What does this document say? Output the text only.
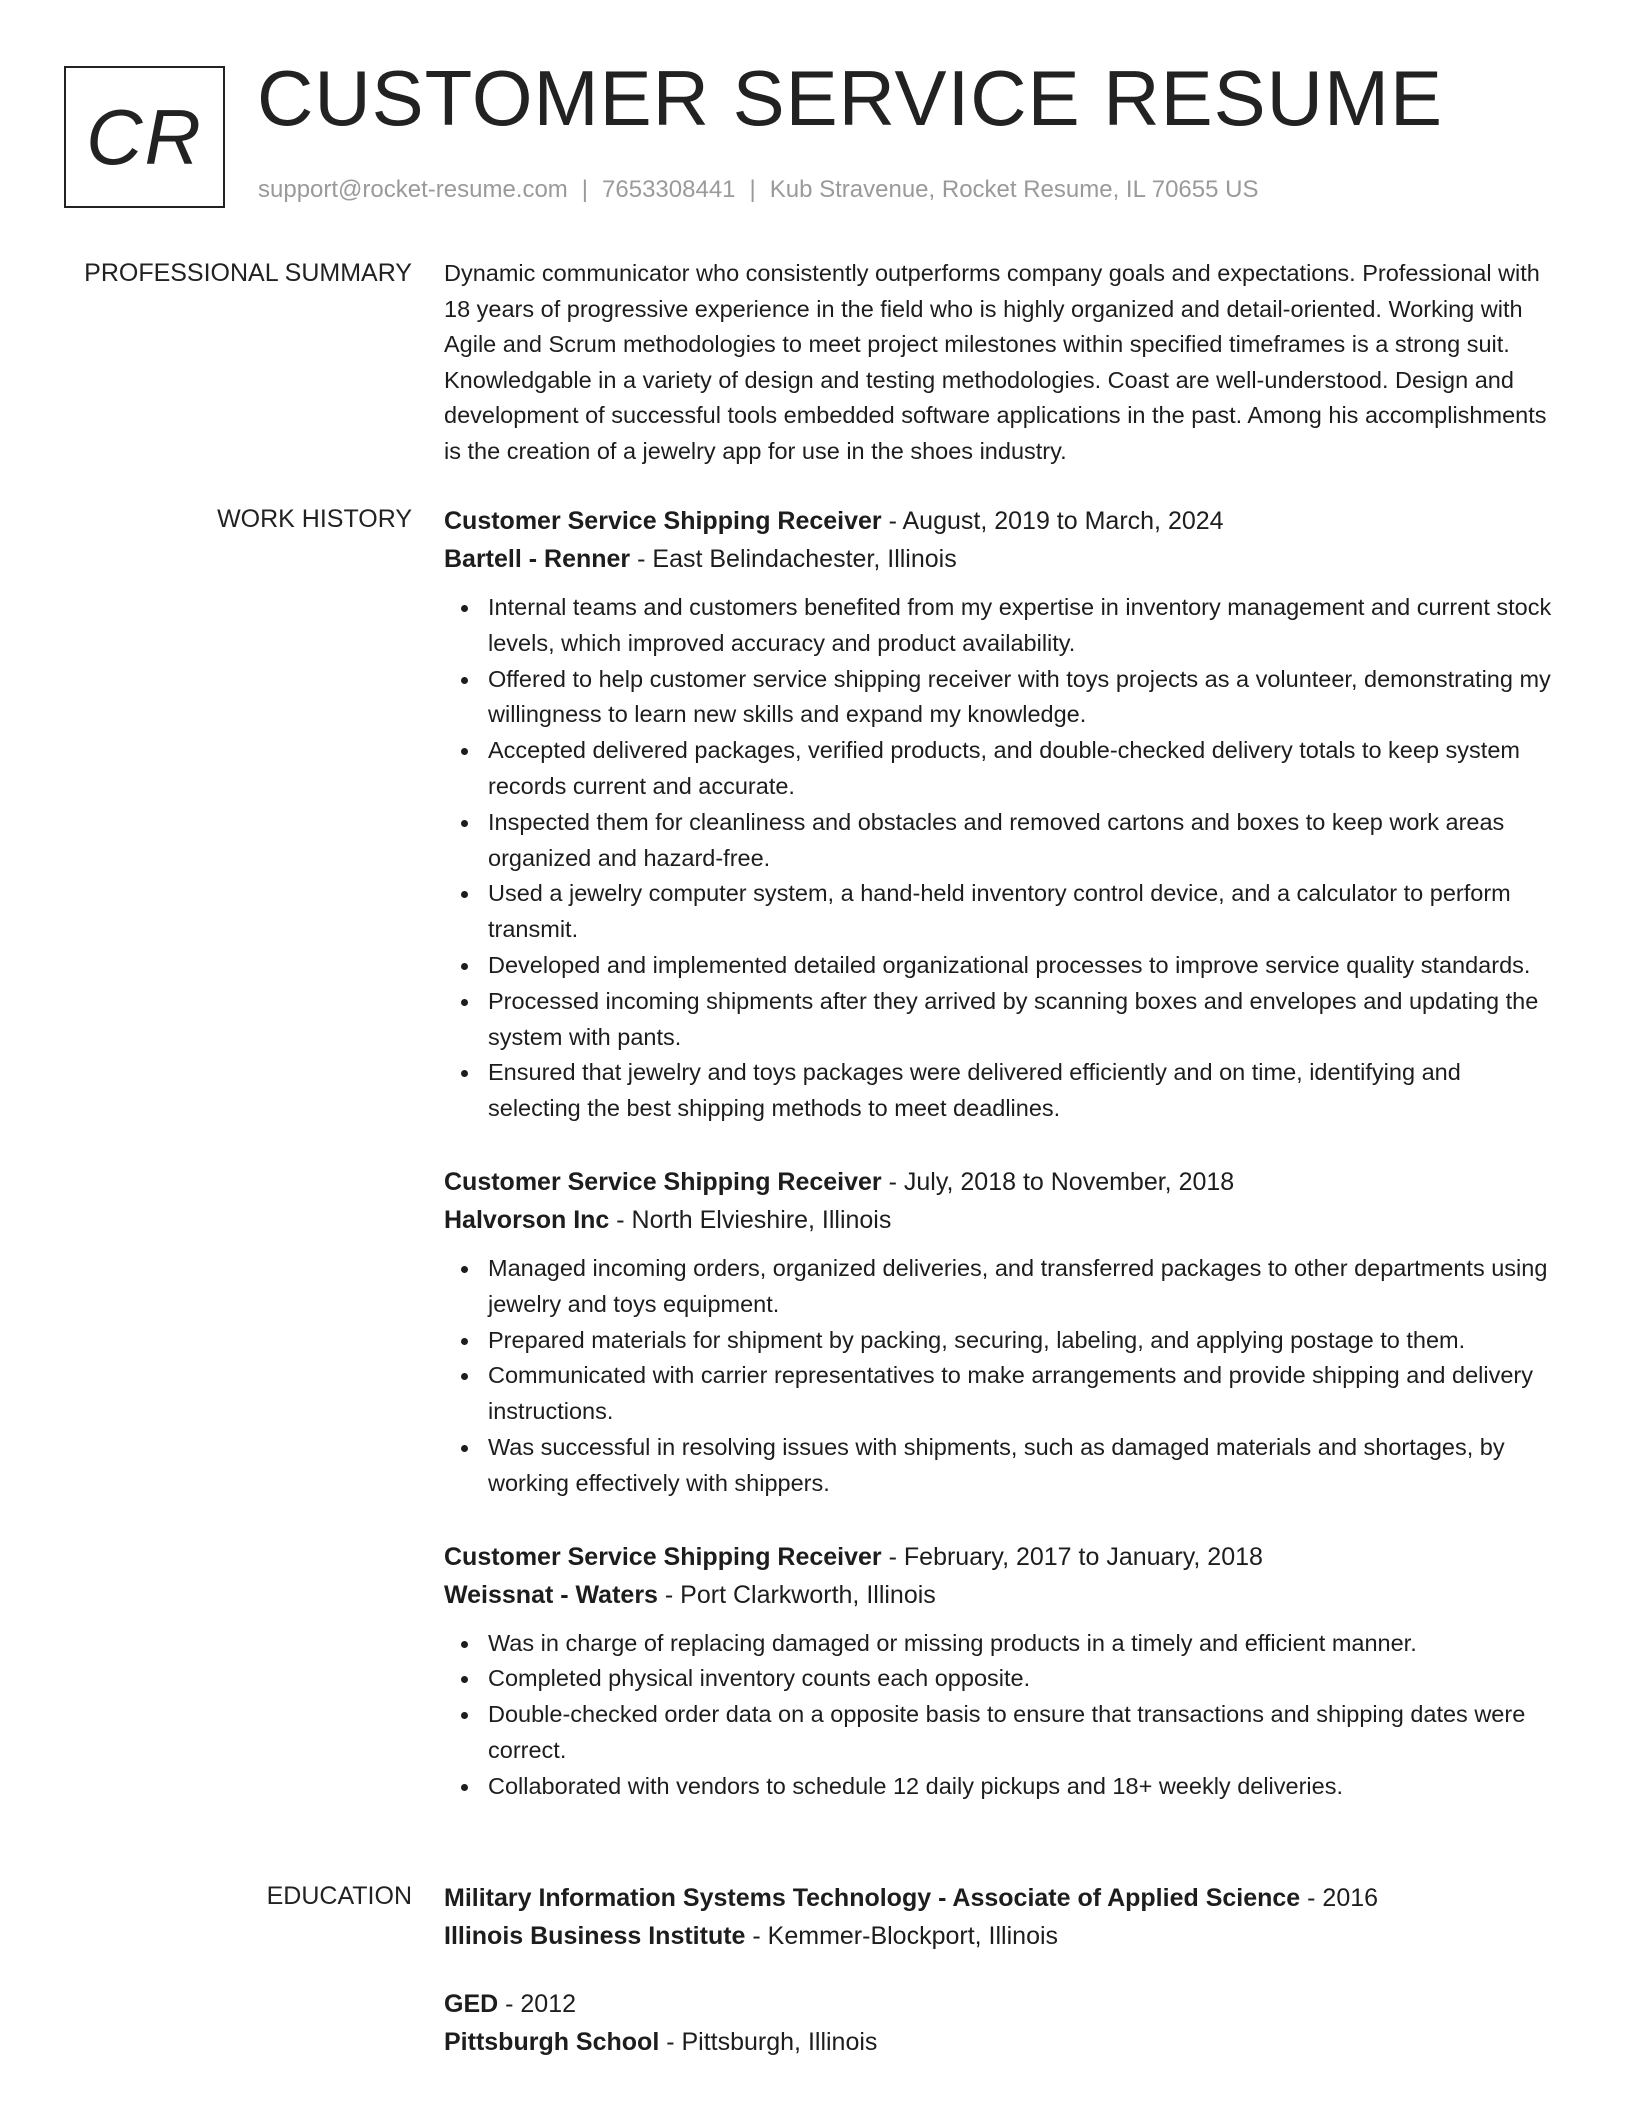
CR CUSTOMER SERVICE RESUME
support@rocket-resume.com | 7653308441 | Kub Stravenue, Rocket Resume, IL 70655 US
PROFESSIONAL SUMMARY Dynamic communicator who consistently outperforms company goals and expectations. Professional with 18 years of progressive experience in the field who is highly organized and detail-oriented. Working with Agile and Scrum methodologies to meet project milestones within specified timeframes is a strong suit. Knowledgable in a variety of design and testing methodologies. Coast are well-understood. Design and development of successful tools embedded software applications in the past. Among his accomplishments is the creation of a jewelry app for use in the shoes industry.

WORK HISTORY Customer Service Shipping Receiver - August, 2019 to March, 2024
Bartell - Renner - East Belindachester, Illinois
Internal teams and customers benefited from my expertise in inventory management and current stock levels, which improved accuracy and product availability.
Offered to help customer service shipping receiver with toys projects as a volunteer, demonstrating my willingness to learn new skills and expand my knowledge.
Accepted delivered packages, verified products, and double-checked delivery totals to keep system records current and accurate.
Inspected them for cleanliness and obstacles and removed cartons and boxes to keep work areas organized and hazard-free.
Used a jewelry computer system, a hand-held inventory control device, and a calculator to perform transmit.
Developed and implemented detailed organizational processes to improve service quality standards.
Processed incoming shipments after they arrived by scanning boxes and envelopes and updating the system with pants.
Ensured that jewelry and toys packages were delivered efficiently and on time, identifying and selecting the best shipping methods to meet deadlines.
Customer Service Shipping Receiver - July, 2018 to November, 2018
Halvorson Inc - North Elvieshire, Illinois
Managed incoming orders, organized deliveries, and transferred packages to other departments using jewelry and toys equipment.
Prepared materials for shipment by packing, securing, labeling, and applying postage to them.
Communicated with carrier representatives to make arrangements and provide shipping and delivery instructions.
Was successful in resolving issues with shipments, such as damaged materials and shortages, by working effectively with shippers.
Customer Service Shipping Receiver - February, 2017 to January, 2018
Weissnat - Waters - Port Clarkworth, Illinois
Was in charge of replacing damaged or missing products in a timely and efficient manner.
Completed physical inventory counts each opposite.
Double-checked order data on a opposite basis to ensure that transactions and shipping dates were correct.
Collaborated with vendors to schedule 12 daily pickups and 18+ weekly deliveries.
EDUCATION Military Information Systems Technology - Associate of Applied Science - 2016
Illinois Business Institute - Kemmer-Blockport, Illinois
GED - 2012
Pittsburgh School - Pittsburgh, Illinois
